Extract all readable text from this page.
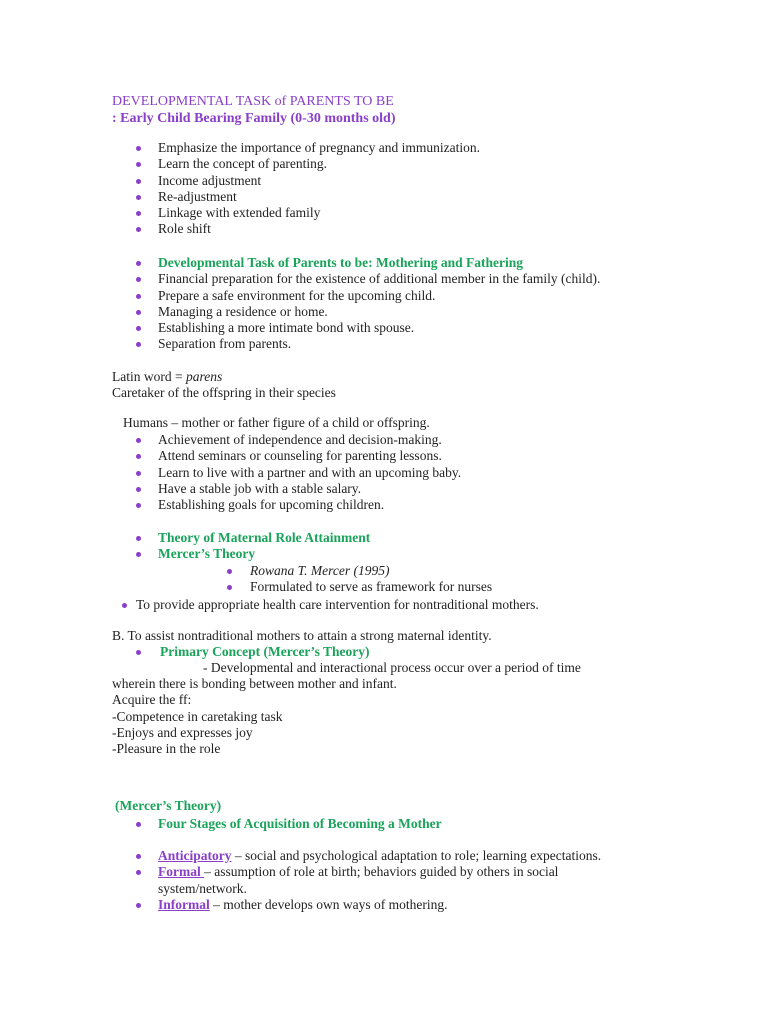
DEVELOPMENTAL TASK of PARENTS TO BE
: Early Child Bearing Family (0-30 months old)
Emphasize the importance of pregnancy and immunization.
Learn the concept of parenting.
Income adjustment
Re-adjustment
Linkage with extended family
Role shift
Developmental Task of Parents to be: Mothering and Fathering
Financial preparation for the existence of additional member in the family (child).
Prepare a safe environment for the upcoming child.
Managing a residence or home.
Establishing a more intimate bond with spouse.
Separation from parents.
Latin word = parens
Caretaker of the offspring in their species
Humans – mother or father figure of a child or offspring.
Achievement of independence and decision-making.
Attend seminars or counseling for parenting lessons.
Learn to live with a partner and with an upcoming baby.
Have a stable job with a stable salary.
Establishing goals for upcoming children.
Theory of Maternal Role Attainment
Mercer’s Theory
Rowana T. Mercer (1995)
Formulated to serve as framework for nurses
To provide appropriate health care intervention for nontraditional mothers.
B. To assist nontraditional mothers to attain a strong maternal identity.
Primary Concept (Mercer’s Theory)
- Developmental and interactional process occur over a period of time
wherein there is bonding between mother and infant.
Acquire the ff:
-Competence in caretaking task
-Enjoys and expresses joy
-Pleasure in the role
(Mercer’s Theory)
Four Stages of Acquisition of Becoming a Mother
Anticipatory – social and psychological adaptation to role; learning expectations.
Formal – assumption of role at birth; behaviors guided by others in social system/network.
Informal – mother develops own ways of mothering.
